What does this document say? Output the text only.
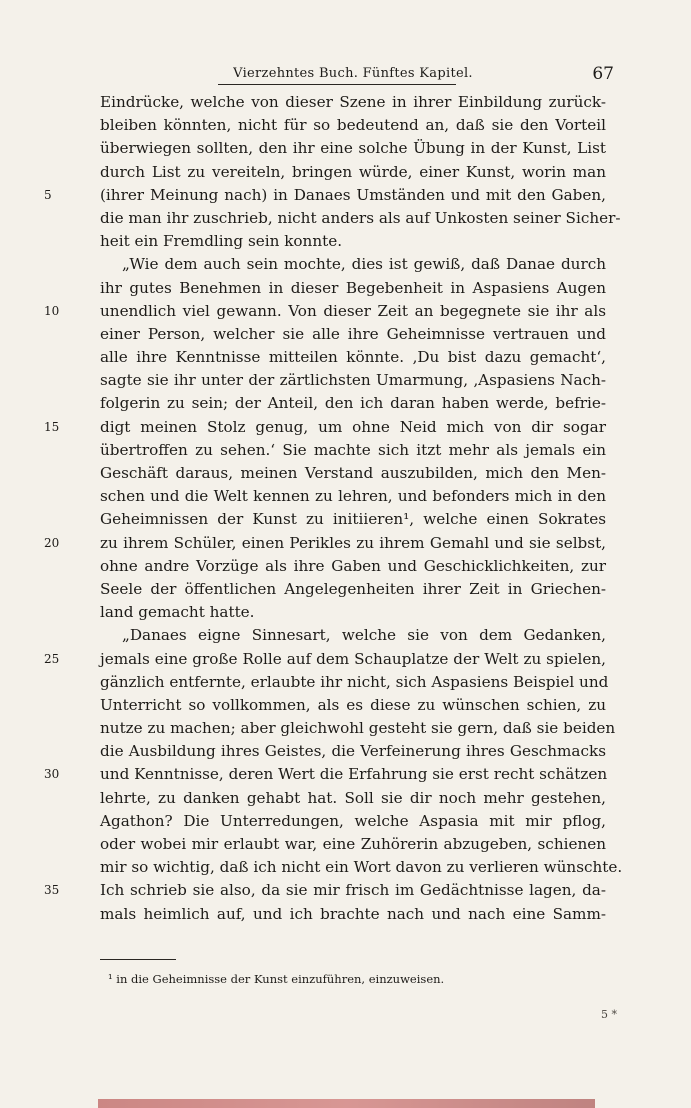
Vierzehntes Buch. Fünftes Kapitel.	67
Eindrücke, welche von dieser Szene in ihrer Einbildung zurück-
bleiben könnten, nicht für so bedeutend an, daß sie den Vorteil
überwiegen sollten, den ihr eine solche Übung in der Kunst, List
durch List zu vereiteln, bringen würde, einer Kunst, worin man
5	(ihrer Meinung nach) in Danaes Umständen und mit den Gaben,
die man ihr zuschrieb, nicht anders als auf Unkosten seiner Sicher-
heit ein Fremdling sein konnte.
„Wie dem auch sein mochte, dies ist gewiß, daß Danae durch
ihr gutes Benehmen in dieser Begebenheit in Aspasiens Augen
10	unendlich viel gewann. Von dieser Zeit an begegnete sie ihr als
einer Person, welcher sie alle ihre Geheimnisse vertrauen und
alle ihre Kenntnisse mitteilen könnte. ‚Du bist dazu gemacht‘,
sagte sie ihr unter der zärtlichsten Umarmung, ‚Aspasiens Nach-
folgerin zu sein; der Anteil, den ich daran haben werde, befrie-
15	digt meinen Stolz genug, um ohne Neid mich von dir sogar
übertroffen zu sehen.‘ Sie machte sich itzt mehr als jemals ein
Geschäft daraus, meinen Verstand auszubilden, mich den Men-
schen und die Welt kennen zu lehren, und befonders mich in den
Geheimnissen der Kunst zu initiieren¹, welche einen Sokrates
20	zu ihrem Schüler, einen Perikles zu ihrem Gemahl und sie selbst,
ohne andre Vorzüge als ihre Gaben und Geschicklichkeiten, zur
Seele der öffentlichen Angelegenheiten ihrer Zeit in Griechen-
land gemacht hatte.
„Danaes eigne Sinnesart, welche sie von dem Gedanken,
25	jemals eine große Rolle auf dem Schauplatze der Welt zu spielen,
gänzlich entfernte, erlaubte ihr nicht, sich Aspasiens Beispiel und
Unterricht so vollkommen, als es diese zu wünschen schien, zu
nutze zu machen; aber gleichwohl gesteht sie gern, daß sie beiden
die Ausbildung ihres Geistes, die Verfeinerung ihres Geschmacks
30	und Kenntnisse, deren Wert die Erfahrung sie erst recht schätzen
lehrte, zu danken gehabt hat. Soll sie dir noch mehr gestehen,
Agathon? Die Unterredungen, welche Aspasia mit mir pflog,
oder wobei mir erlaubt war, eine Zuhörerin abzugeben, schienen
mir so wichtig, daß ich nicht ein Wort davon zu verlieren wünschte.
35	Ich schrieb sie also, da sie mir frisch im Gedächtnisse lagen, da-
mals heimlich auf, und ich brachte nach und nach eine Samm-
¹ in die Geheimnisse der Kunst einzuführen, einzuweisen.
5 *
